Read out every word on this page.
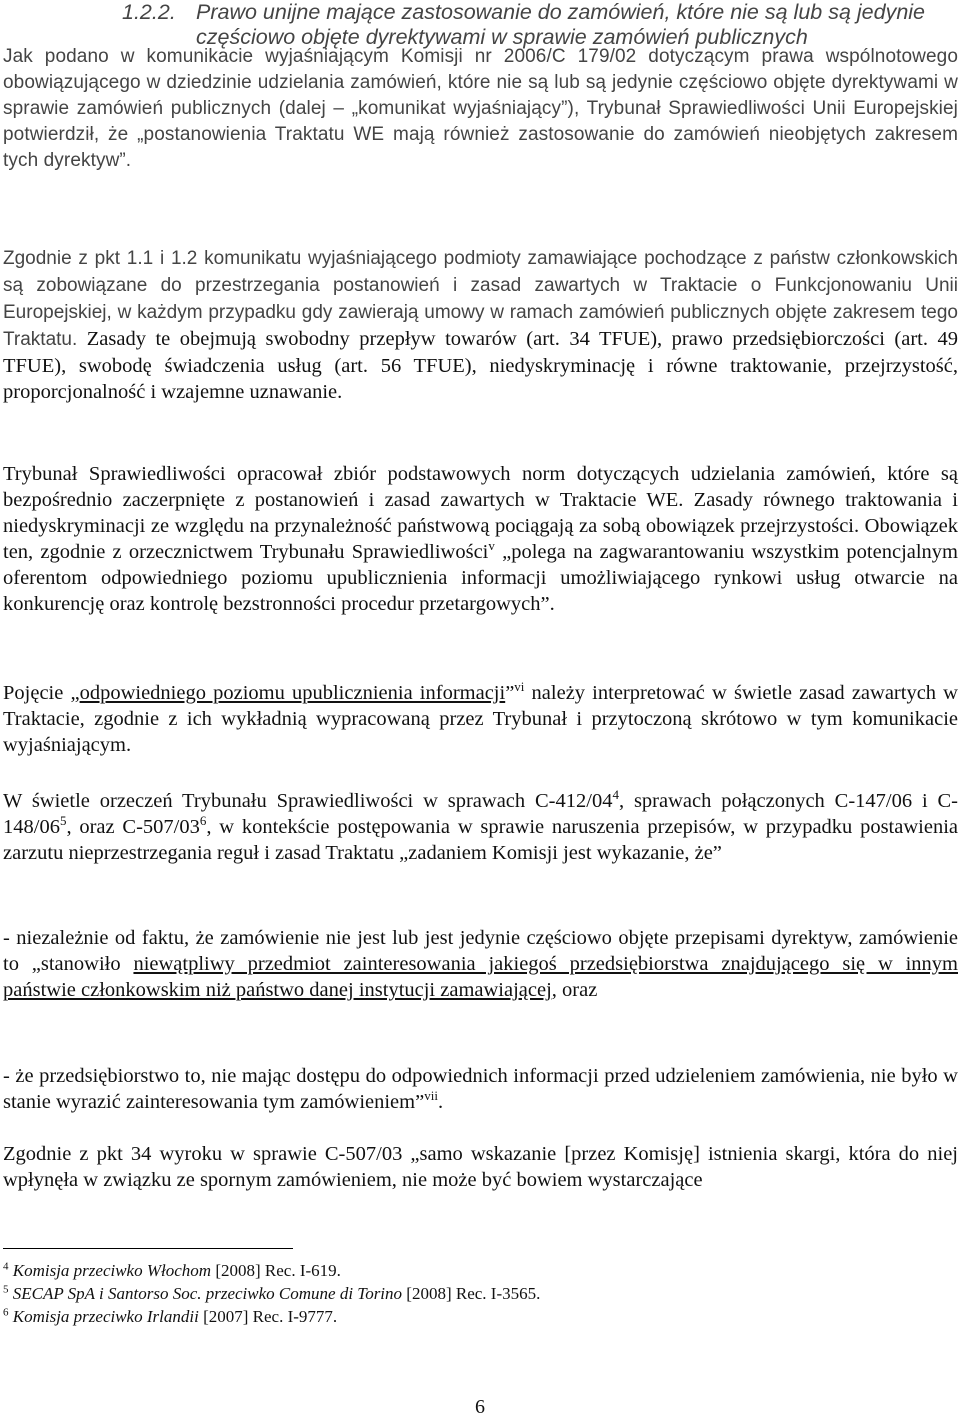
1.2.2. Prawo unijne mające zastosowanie do zamówień, które nie są lub są jedynie
częściowo objęte dyrektywami w sprawie zamówień publicznych

Jak podano w komunikacie wyjaśniającym Komisji nr 2006/C 179/02 dotyczącym prawa wspólnotowego obowiązującego w dziedzinie udzielania zamówień, które nie są lub są jedynie częściowo objęte dyrektywami w sprawie zamówień publicznych (dalej – „komunikat wyjaśniający”), Trybunał Sprawiedliwości Unii Europejskiej potwierdził, że „postanowienia Traktatu WE mają również zastosowanie do zamówień nieobjętych zakresem tych dyrektyw”.

Zgodnie z pkt 1.1 i 1.2 komunikatu wyjaśniającego podmioty zamawiające pochodzące z państw członkowskich są zobowiązane do przestrzegania postanowień i zasad zawartych w Traktacie o Funkcjonowaniu Unii Europejskiej, w każdym przypadku gdy zawierają umowy w ramach zamówień publicznych objęte zakresem tego Traktatu. Zasady te obejmują swobodny przepływ towarów (art. 34 TFUE), prawo przedsiębiorczości (art. 49 TFUE), swobodę świadczenia usług (art. 56 TFUE), niedyskryminację i równe traktowanie, przejrzystość, proporcjonalność i wzajemne uznawanie.

Trybunał Sprawiedliwości opracował zbiór podstawowych norm dotyczących udzielania zamówień, które są bezpośrednio zaczerpnięte z postanowień i zasad zawartych w Traktacie WE. Zasady równego traktowania i niedyskryminacji ze względu na przynależność państwową pociągają za sobą obowiązek przejrzystości. Obowiązek ten, zgodnie z orzecznictwem Trybunału Sprawiedliwości$^v$ „polega na zagwarantowaniu wszystkim potencjalnym oferentom odpowiedniego poziomu upublicznienia informacji umożliwiającego rynkowi usług otwarcie na konkurencję oraz kontrolę bezstronności procedur przetargowych”.

Pojęcie „odpowiedniego poziomu upublicznienia informacji”$^{vi}$ należy interpretować w świetle zasad zawartych w Traktacie, zgodnie z ich wykładnią wypracowaną przez Trybunał i przytoczoną skrótowo w tym komunikacie wyjaśniającym.

W świetle orzeczeń Trybunału Sprawiedliwości w sprawach $C-412/04^4$, sprawach połączonych C-147/06 i $C-148/06^5$, oraz $C-507/03^6$, w kontekście postępowania w sprawie naruszenia przepisów, w przypadku postawienia zarzutu nieprzestrzegania reguł i zasad Traktatu „zadaniem Komisji jest wykazanie, że”

- niezależnie od faktu, że zamówienie nie jest lub jest jedynie częściowo objęte przepisami dyrektyw, zamówienie to „stanowiło niewątpliwy przedmiot zainteresowania jakiegoś przedsiębiorstwa znajdującego się w innym państwie członkowskim niż państwo danej instytucji zamawiającej, oraz

- że przedsiębiorstwo to, nie mając dostępu do odpowiednich informacji przed udzieleniem zamówienia, nie było w stanie wyrazić zainteresowania tym zamówieniem”$^{vii}$.

Zgodnie z pkt 34 wyroku w sprawie C-507/03 „samo wskazanie [przez Komisję] istnienia skargi, która do niej wpłynęła w związku ze spornym zamówieniem, nie może być bowiem wystarczające

$^4$ Komisja przeciwko Włochom [2008] Rec. I-619.
$^5$ SECAP SpA i Santorso Soc. przeciwko Comune di Torino [2008] Rec. I-3565.
$^6$ Komisja przeciwko Irlandii [2007] Rec. I-9777.
6
